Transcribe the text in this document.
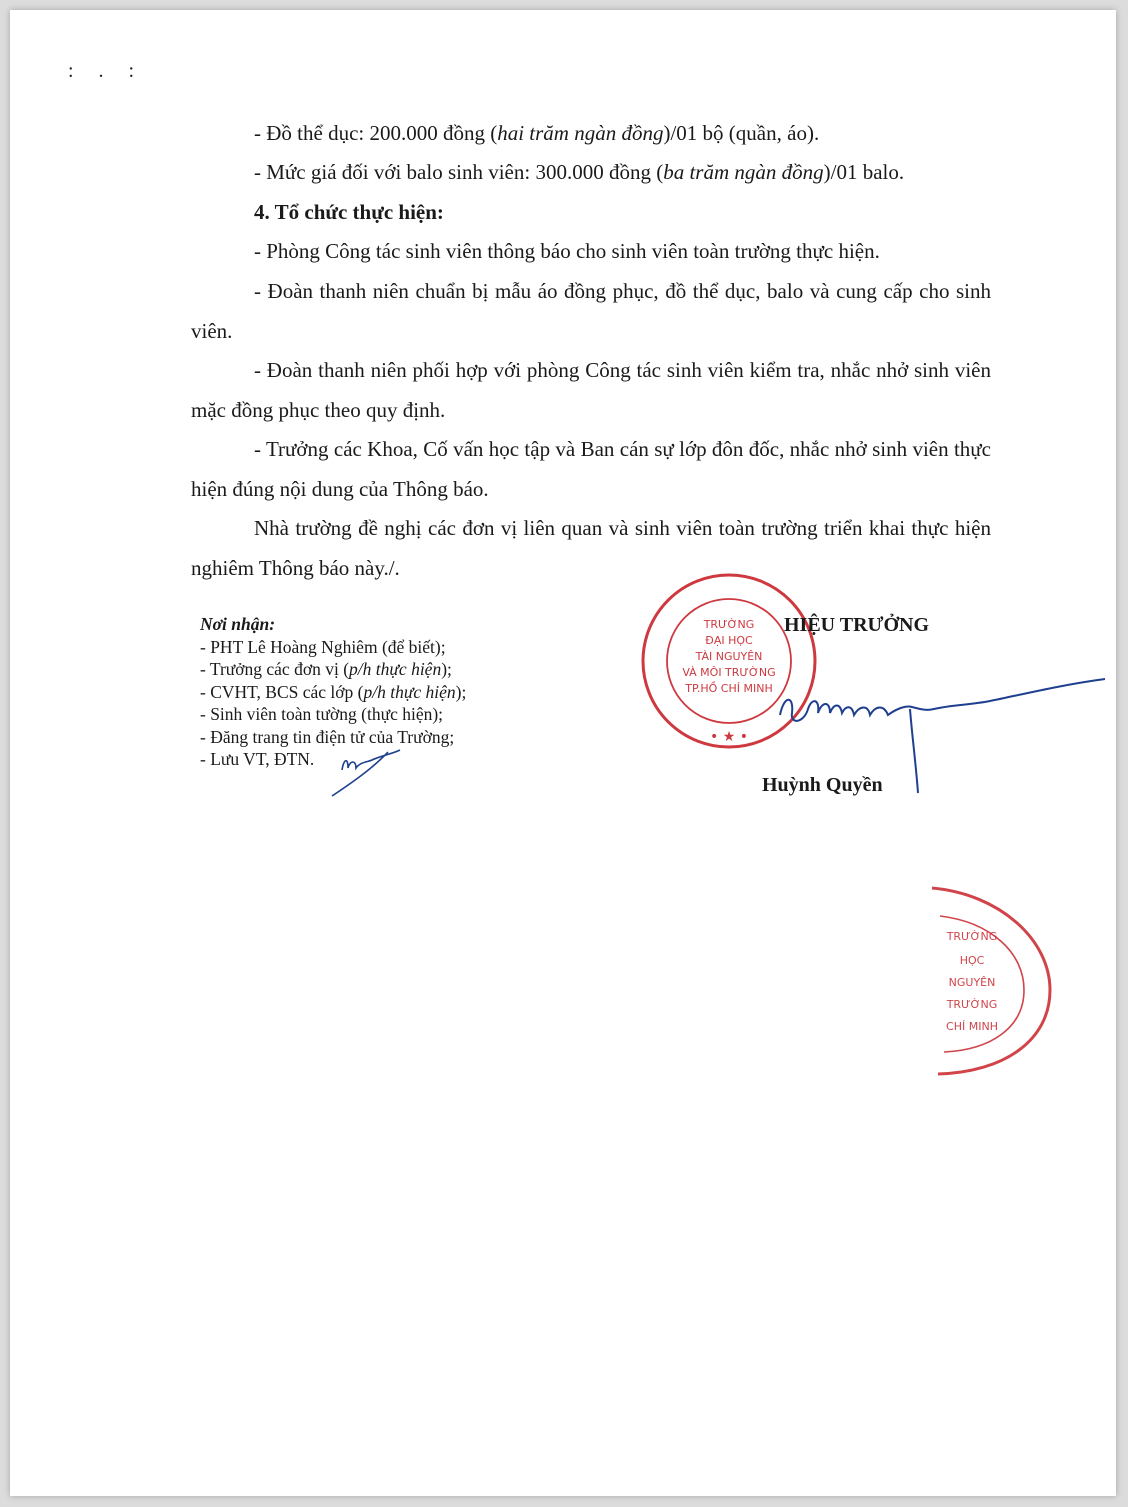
: . :

- Đồ thể dục: 200.000 đồng (hai trăm ngàn đồng)/01 bộ (quần, áo).

- Mức giá đối với balo sinh viên: 300.000 đồng (ba trăm ngàn đồng)/01 balo.

4. Tổ chức thực hiện:

- Phòng Công tác sinh viên thông báo cho sinh viên toàn trường thực hiện.

- Đoàn thanh niên chuẩn bị mẫu áo đồng phục, đồ thể dục, balo và cung cấp cho sinh viên.

- Đoàn thanh niên phối hợp với phòng Công tác sinh viên kiểm tra, nhắc nhở sinh viên mặc đồng phục theo quy định.

- Trưởng các Khoa, Cố vấn học tập và Ban cán sự lớp đôn đốc, nhắc nhở sinh viên thực hiện đúng nội dung của Thông báo.

Nhà trường đề nghị các đơn vị liên quan và sinh viên toàn trường triển khai thực hiện nghiêm Thông báo này./.

Nơi nhận:
- PHT Lê Hoàng Nghiêm (để biết);
- Trưởng các đơn vị (p/h thực hiện);
- CVHT, BCS các lớp (p/h thực hiện);
- Sinh viên toàn tường (thực hiện);
- Đăng trang tin điện tử của Trường;
- Lưu VT, ĐTN.
TRƯỜNG
ĐẠI HỌC
TÀI NGUYÊN
VÀ MÔI TRƯỜNG
TP.HỒ CHÍ MINH
• ★ •
HIỆU TRƯỞNG
Huỳnh Quyền
TRƯỜNG
HỌC
NGUYÊN
TRƯỜNG
CHÍ MINH
